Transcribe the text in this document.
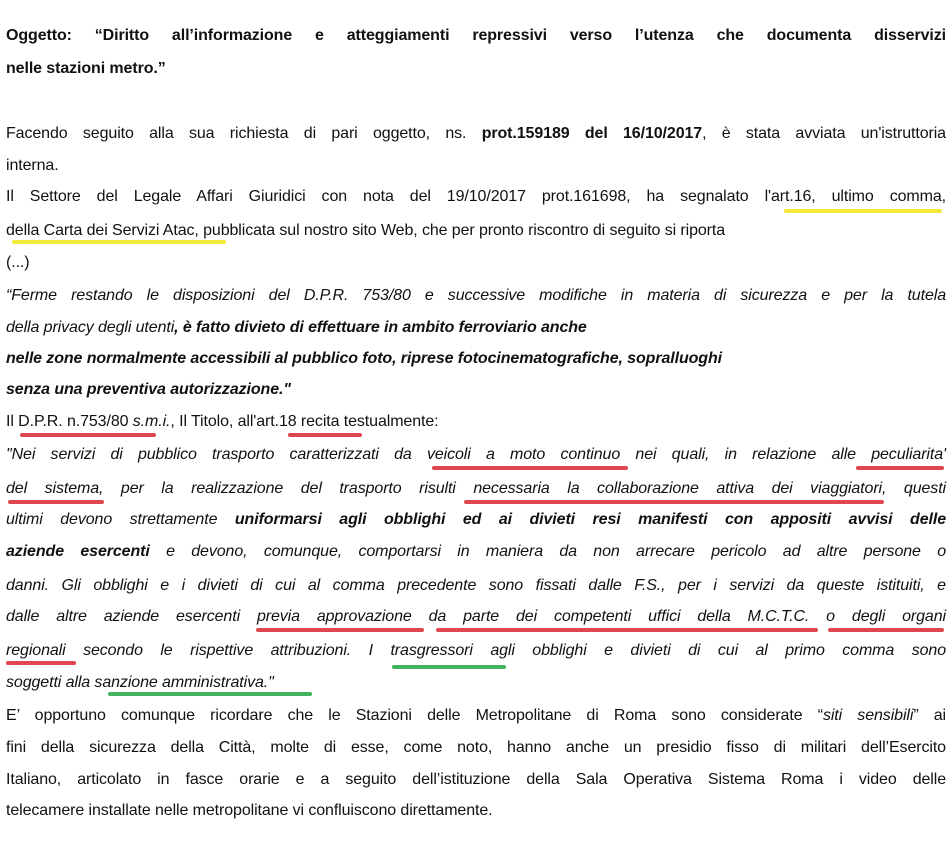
Oggetto: “Diritto all’informazione e atteggiamenti repressivi verso l’utenza che documenta disservizi
nelle stazioni metro.”
Facendo seguito alla sua richiesta di pari oggetto, ns. prot.159189 del 16/10/2017, è stata avviata un'istruttoria
interna.
Il Settore del Legale Affari Giuridici con nota del 19/10/2017 prot.161698, ha segnalato l'art.16, ultimo comma,
della Carta dei Servizi Atac, pubblicata sul nostro sito Web, che per pronto riscontro di seguito si riporta
(...)
“Ferme restando le disposizioni del D.P.R. 753/80 e successive modifiche in materia di sicurezza e per la tutela
della privacy degli utenti, è fatto divieto di effettuare in ambito ferroviario anche
nelle zone normalmente accessibili al pubblico foto, riprese fotocinematografiche, sopralluoghi
senza una preventiva autorizzazione."
Il D.P.R. n.753/80 s.m.i., Il Titolo, all'art.18 recita testualmente:
"Nei servizi di pubblico trasporto caratterizzati da veicoli a moto continuo nei quali, in relazione alle peculiarita'
del sistema, per la realizzazione del trasporto risulti necessaria la collaborazione attiva dei viaggiatori, questi
ultimi devono strettamente uniformarsi agli obblighi ed ai divieti resi manifesti con appositi avvisi delle
aziende esercenti e devono, comunque, comportarsi in maniera da non arrecare pericolo ad altre persone o
danni. Gli obblighi e i divieti di cui al comma precedente sono fissati dalle F.S., per i servizi da queste istituiti, e
dalle altre aziende esercenti previa approvazione da parte dei competenti uffici della M.C.T.C. o degli organi
regionali secondo le rispettive attribuzioni. I trasgressori agli obblighi e divieti di cui al primo comma sono
soggetti alla sanzione amministrativa."
E’ opportuno comunque ricordare che le Stazioni delle Metropolitane di Roma sono considerate “siti sensibili” ai
fini della sicurezza della Città, molte di esse, come noto, hanno anche un presidio fisso di militari dell’Esercito
Italiano, articolato in fasce orarie e a seguito dell’istituzione della Sala Operativa Sistema Roma i video delle
telecamere installate nelle metropolitane vi confluiscono direttamente.
